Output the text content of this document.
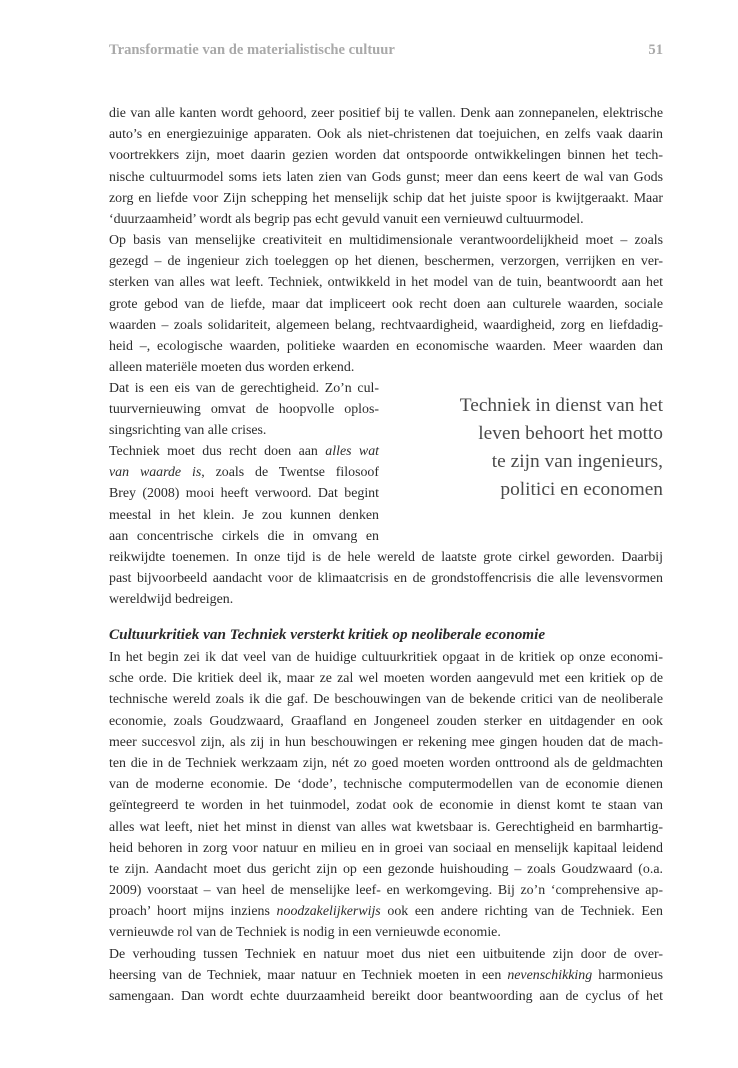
Transformatie van de materialistische cultuur	51
die van alle kanten wordt gehoord, zeer positief bij te vallen. Denk aan zonnepanelen, elektrische
auto’s en energiezuinige apparaten. Ook als niet-christenen dat toejuichen, en zelfs vaak daarin
voortrekkers zijn, moet daarin gezien worden dat ontspoorde ontwikkelingen binnen het tech-
nische cultuurmodel soms iets laten zien van Gods gunst; meer dan eens keert de wal van Gods
zorg en liefde voor Zijn schepping het menselijk schip dat het juiste spoor is kwijtgeraakt. Maar
‘duurzaamheid’ wordt als begrip pas echt gevuld vanuit een vernieuwd cultuurmodel.
Op basis van menselijke creativiteit en multidimensionale verantwoordelijkheid moet – zoals
gezegd – de ingenieur zich toeleggen op het dienen, beschermen, verzorgen, verrijken en ver-
sterken van alles wat leeft. Techniek, ontwikkeld in het model van de tuin, beantwoordt aan het
grote gebod van de liefde, maar dat impliceert ook recht doen aan culturele waarden, sociale
waarden – zoals solidariteit, algemeen belang, rechtvaardigheid, waardigheid, zorg en liefdadig-
heid –, ecologische waarden, politieke waarden en economische waarden. Meer waarden dan
alleen materiële moeten dus worden erkend.
Dat is een eis van de gerechtigheid. Zo’n cul-
tuurvernieuwing omvat de hoopvolle oplos-
singsrichting van alle crises.
Techniek moet dus recht doen aan alles wat
van waarde is, zoals de Twentse filosoof
Brey (2008) mooi heeft verwoord. Dat begint
meestal in het klein. Je zou kunnen denken
aan concentrische cirkels die in omvang en
reikwijdte toenemen. In onze tijd is de hele wereld de laatste grote cirkel geworden. Daarbij
past bijvoorbeeld aandacht voor de klimaatcrisis en de grondstoffencrisis die alle levensvormen
wereldwijd bedreigen.
Techniek in dienst van het
leven behoort het motto
te zijn van ingenieurs,
politici en economen
Cultuurkritiek van Techniek versterkt kritiek op neoliberale economie
In het begin zei ik dat veel van de huidige cultuurkritiek opgaat in de kritiek op onze economi-
sche orde. Die kritiek deel ik, maar ze zal wel moeten worden aangevuld met een kritiek op de
technische wereld zoals ik die gaf. De beschouwingen van de bekende critici van de neoliberale
economie, zoals Goudzwaard, Graafland en Jongeneel zouden sterker en uitdagender en ook
meer succesvol zijn, als zij in hun beschouwingen er rekening mee gingen houden dat de mach-
ten die in de Techniek werkzaam zijn, nét zo goed moeten worden onttroond als de geldmachten
van de moderne economie. De ‘dode’, technische computermodellen van de economie dienen
geïntegreerd te worden in het tuinmodel, zodat ook de economie in dienst komt te staan van
alles wat leeft, niet het minst in dienst van alles wat kwetsbaar is. Gerechtigheid en barmhartig-
heid behoren in zorg voor natuur en milieu en in groei van sociaal en menselijk kapitaal leidend
te zijn. Aandacht moet dus gericht zijn op een gezonde huishouding – zoals Goudzwaard (o.a.
2009) voorstaat – van heel de menselijke leef- en werkomgeving. Bij zo’n ‘comprehensive ap-
proach’ hoort mijns inziens noodzakelijkerwijs ook een andere richting van de Techniek. Een
vernieuwde rol van de Techniek is nodig in een vernieuwde economie.
De verhouding tussen Techniek en natuur moet dus niet een uitbuitende zijn door de over-
heersing van de Techniek, maar natuur en Techniek moeten in een nevenschikking harmonieus
samengaan. Dan wordt echte duurzaamheid bereikt door beantwoording aan de cyclus of het
